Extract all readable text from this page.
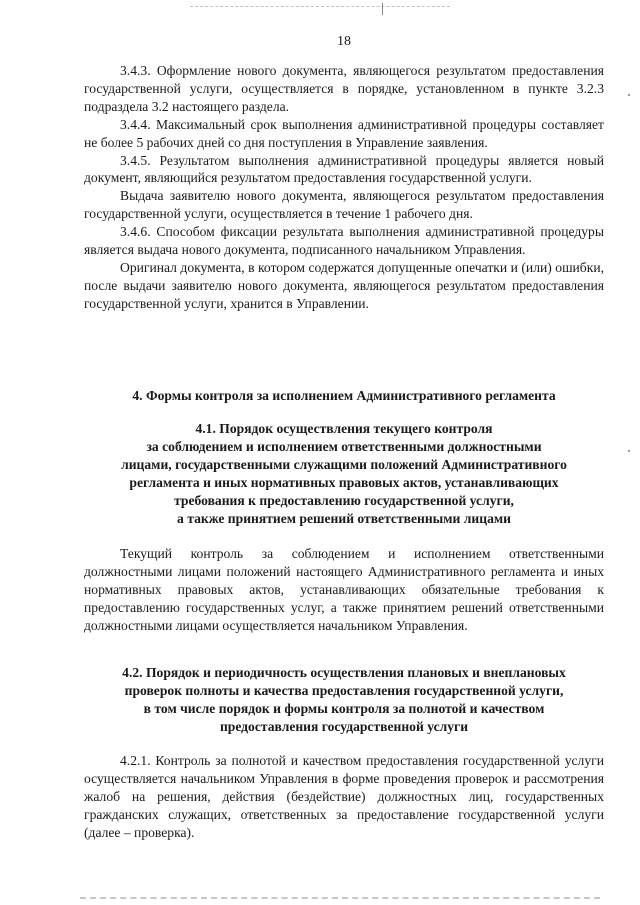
18

3.4.3. Оформление нового документа, являющегося результатом предоставления государственной услуги, осуществляется в порядке, установленном в пункте 3.2.3 подраздела 3.2 настоящего раздела.

3.4.4. Максимальный срок выполнения административной процедуры составляет не более 5 рабочих дней со дня поступления в Управление заявления.

3.4.5. Результатом выполнения административной процедуры является новый документ, являющийся результатом предоставления государственной услуги.

Выдача заявителю нового документа, являющегося результатом предоставления государственной услуги, осуществляется в течение 1 рабочего дня.

3.4.6. Способом фиксации результата выполнения административной процедуры является выдача нового документа, подписанного начальником Управления.

Оригинал документа, в котором содержатся допущенные опечатки и (или) ошибки, после выдачи заявителю нового документа, являющегося результатом предоставления государственной услуги, хранится в Управлении.

4. Формы контроля за исполнением Административного регламента
4.1. Порядок осуществления текущего контроля
за соблюдением и исполнением ответственными должностными
лицами, государственными служащими положений Административного
регламента и иных нормативных правовых актов, устанавливающих
требования к предоставлению государственной услуги,
а также принятием решений ответственными лицами

Текущий контроль за соблюдением и исполнением ответственными должностными лицами положений настоящего Административного регламента и иных нормативных правовых актов, устанавливающих обязательные требования к предоставлению государственных услуг, а также принятием решений ответственными должностными лицами осуществляется начальником Управления.

4.2. Порядок и периодичность осуществления плановых и внеплановых
проверок полноты и качества предоставления государственной услуги,
в том числе порядок и формы контроля за полнотой и качеством
предоставления государственной услуги

4.2.1. Контроль за полнотой и качеством предоставления государственной услуги осуществляется начальником Управления в форме проведения проверок и рассмотрения жалоб на решения, действия (бездействие) должностных лиц, государственных гражданских служащих, ответственных за предоставление государственной услуги (далее – проверка).
